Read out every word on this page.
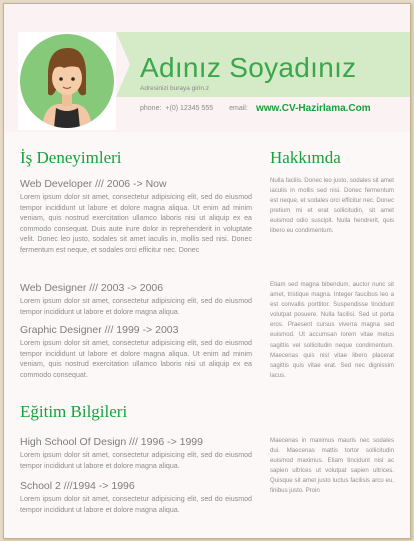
Adınız Soyadınız
Adresinizi buraya girin.z
phone: +(0) 12345 555 email: www.CV-Hazirlama.Com
İş Deneyimleri
Web Developer /// 2006 -> Now
Lorem ipsum dolor sit amet, consectetur adipisicing elit, sed do eiusmod tempor incididunt ut labore et dolore magna aliqua. Ut enim ad minim veniam, quis nostrud exercitation ullamco laboris nisi ut aliquip ex ea commodo consequat. Duis aute irure dolor in reprehenderit in voluptate velit. Donec leo justo, sodales sit amet iaculis in, mollis sed nisi. Donec fermentum est neque, et sodales orci efficitur nec. Donec
Web Designer /// 2003 -> 2006
Lorem ipsum dolor sit amet, consectetur adipisicing elit, sed do eiusmod tempor incididunt ut labore et dolore magna aliqua.
Graphic Designer /// 1999 -> 2003
Lorem ipsum dolor sit amet, consectetur adipisicing elit, sed do eiusmod tempor incididunt ut labore et dolore magna aliqua. Ut enim ad minim veniam, quis nostrud exercitation ullamco laboris nisi ut aliquip ex ea commodo consequat.
Eğitim Bilgileri
High School Of Design /// 1996 -> 1999
Lorem ipsum dolor sit amet, consectetur adipisicing elit, sed do eiusmod tempor incididunt ut labore et dolore magna aliqua.
School 2 ///1994 -> 1996
Lorem ipsum dolor sit amet, consectetur adipisicing elit, sed do eiusmod tempor incididunt ut labore et dolore magna aliqua.
Hakkımda
Nulla facilis. Donec leo justo, sodales sit amet iaculis in mollis sed nisi. Donec fermentum est neque, et sodales orci efficitur nec. Donec pretium mi et erat sollicitudin, sit amet euismod odio suscipit. Nulla hendrerit, quis libero eu condimentum.
Etiam sed magna bibendum, auctor nunc sit amet, tristique magna. Integer faucibus leo a est convallis porttitor. Suspendisse tincidunt volutpat posuere. Nulla facilisi. Sed ut porta eros. Praesent cursus viverra magna sed euismod. Ut accumsan lorem vitae metus sagittis vel sollicitudin neque condimentum. Maecenas quis nisl vitae libero placerat sagittis quis vitae erat. Sed nec dignissim lacus.
Maecenas in maximus mauris nec sodales dui. Maecenas mattis tortor sollicitudin euismod maximus. Etiam tincidunt nisl ac sapien ultrices ut volutpat sapien ultrices. Quisque sit amet justo luctus facilisis arcu eu, finibus justo. Proin
